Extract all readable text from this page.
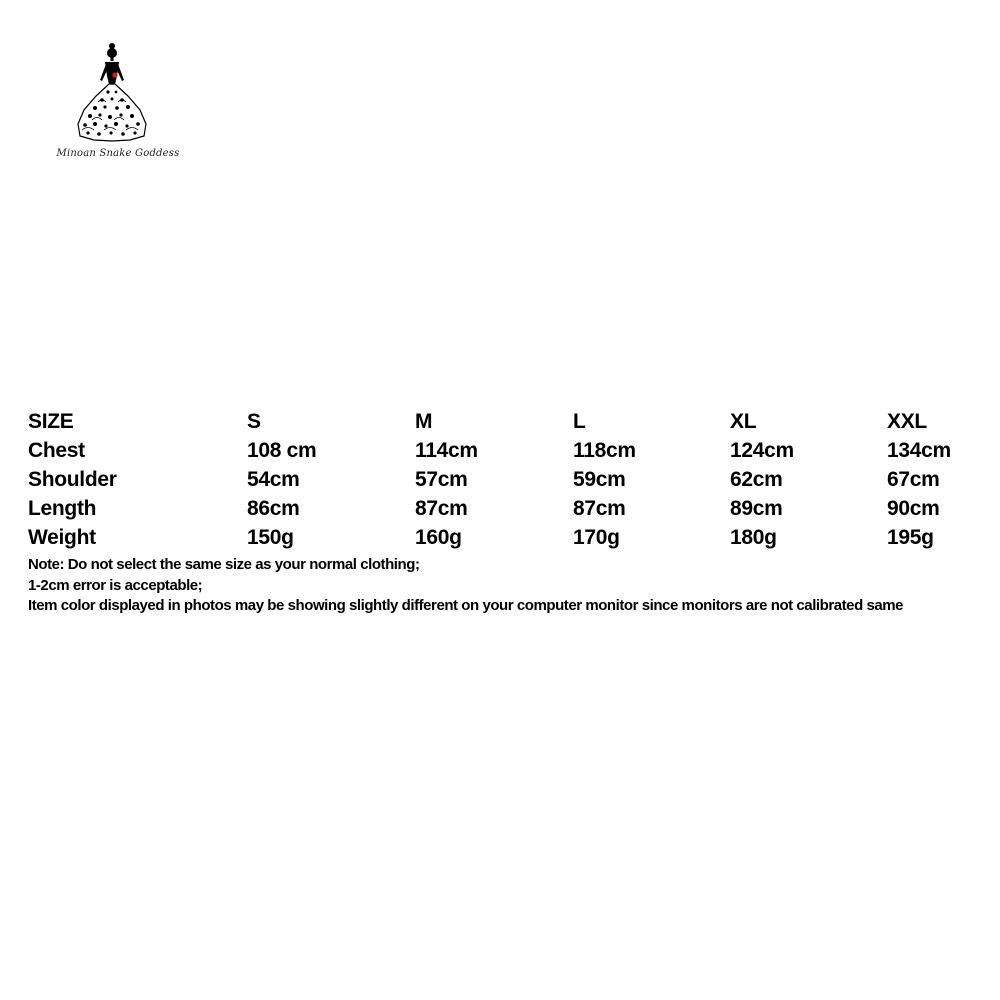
Minoan Snake Goddess
SIZE	S	M	L	XL	XXL
Chest	108 cm	114cm	118cm	124cm	134cm
Shoulder	54cm	57cm	59cm	62cm	67cm
Length	86cm	87cm	87cm	89cm	90cm
Weight	150g	160g	170g	180g	195g
Note: Do not select the same size as your normal clothing;
1-2cm error is acceptable;
Item color displayed in photos may be showing slightly different on your computer monitor since monitors are not calibrated same
